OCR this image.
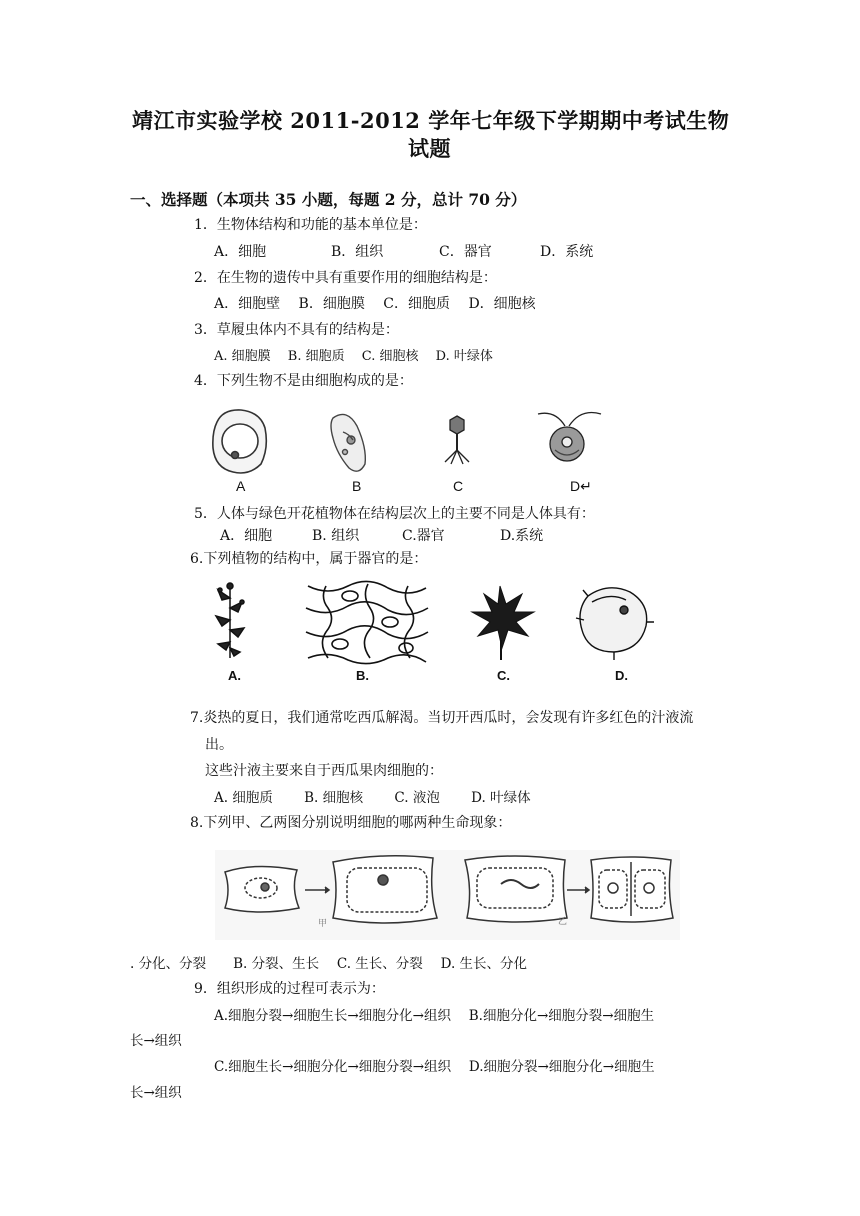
靖江市实验学校 2011-2012 学年七年级下学期期中考试生物
试题
一、选择题（本项共 35 小题，每题 2 分，总计 70 分）
1．生物体结构和功能的基本单位是：
A．细胞	B．组织	C．器官	D．系统
2．在生物的遗传中具有重要作用的细胞结构是：
A．细胞壁　 B．细胞膜　 C．细胞质　 D．细胞核
3．草履虫体内不具有的结构是：
A. 细胞膜　 B. 细胞质　 C. 细胞核　 D. 叶绿体
4．下列生物不是由细胞构成的是：
A	B	C	D↵
5．人体与绿色开花植物体在结构层次上的主要不同是人体具有：
A．细胞	B. 组织	C.器官	D.系统
6.下列植物的结构中，属于器官的是：
A.	B.	C.	D.
7.炎热的夏日，我们通常吃西瓜解渴。当切开西瓜时，会发现有许多红色的汁液流
出。
这些汁液主要来自于西瓜果肉细胞的：
A. 细胞质　　 B. 细胞核　　 C. 液泡　　 D. 叶绿体
8.下列甲、乙两图分别说明细胞的哪两种生命现象：
甲	乙
. 分化、分裂　　B. 分裂、生长　 C. 生长、分裂　 D. 生长、分化
9．组织形成的过程可表示为：
A.细胞分裂→细胞生长→细胞分化→组织　 B.细胞分化→细胞分裂→细胞生
长→组织
C.细胞生长→细胞分化→细胞分裂→组织　 D.细胞分裂→细胞分化→细胞生
长→组织
